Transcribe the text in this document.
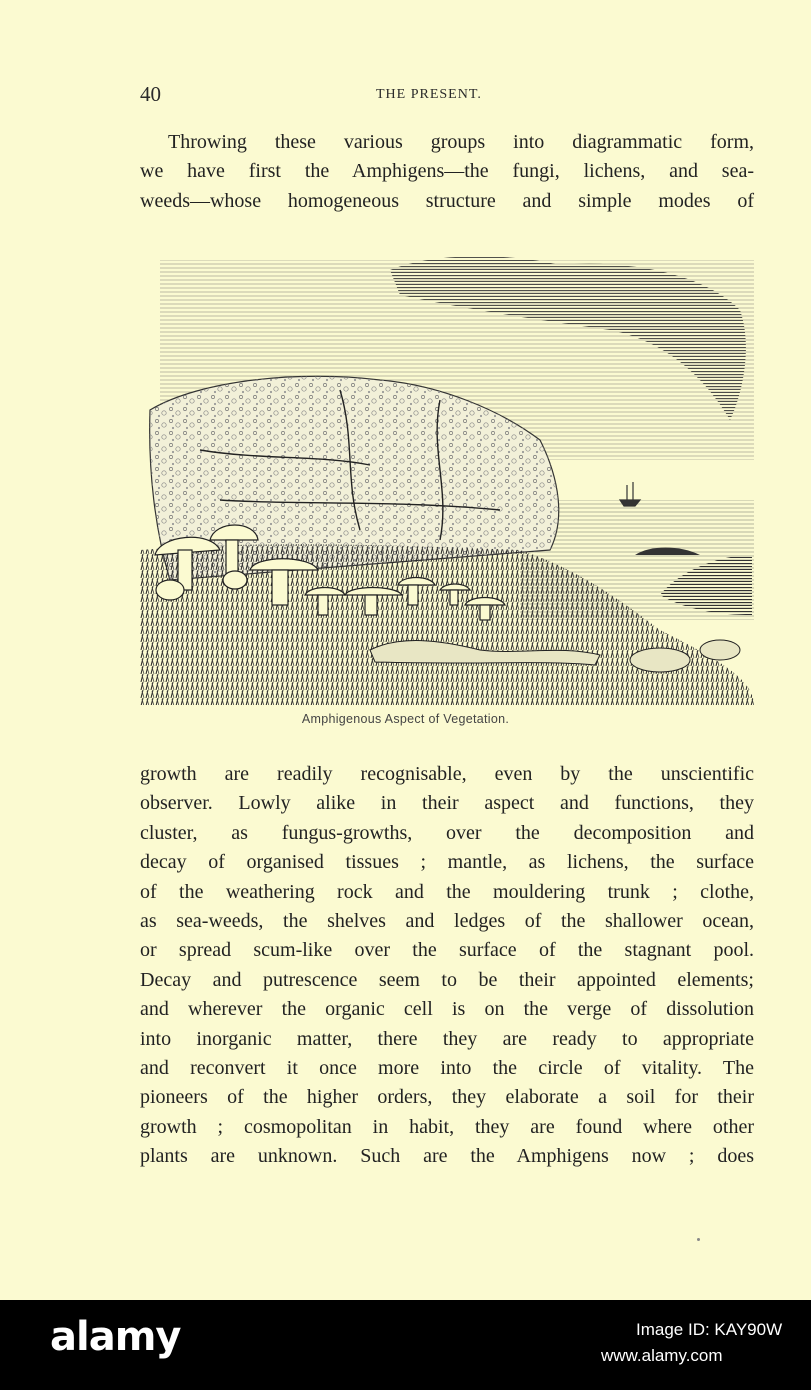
40	THE PRESENT.
Throwing these various groups into diagrammatic form,
we have first the Amphigens—the fungi, lichens, and sea-
weeds—whose homogeneous structure and simple modes of
Amphigenous Aspect of Vegetation.
growth are readily recognisable, even by the unscientific
observer. Lowly alike in their aspect and functions, they
cluster, as fungus-growths, over the decomposition and
decay of organised tissues ; mantle, as lichens, the surface
of the weathering rock and the mouldering trunk ; clothe,
as sea-weeds, the shelves and ledges of the shallower ocean,
or spread scum-like over the surface of the stagnant pool.
Decay and putrescence seem to be their appointed elements;
and wherever the organic cell is on the verge of dissolution
into inorganic matter, there they are ready to appropriate
and reconvert it once more into the circle of vitality. The
pioneers of the higher orders, they elaborate a soil for their
growth ; cosmopolitan in habit, they are found where other
plants are unknown. Such are the Amphigens now ; does
alamy	Image ID: KAY90W
www.alamy.com
